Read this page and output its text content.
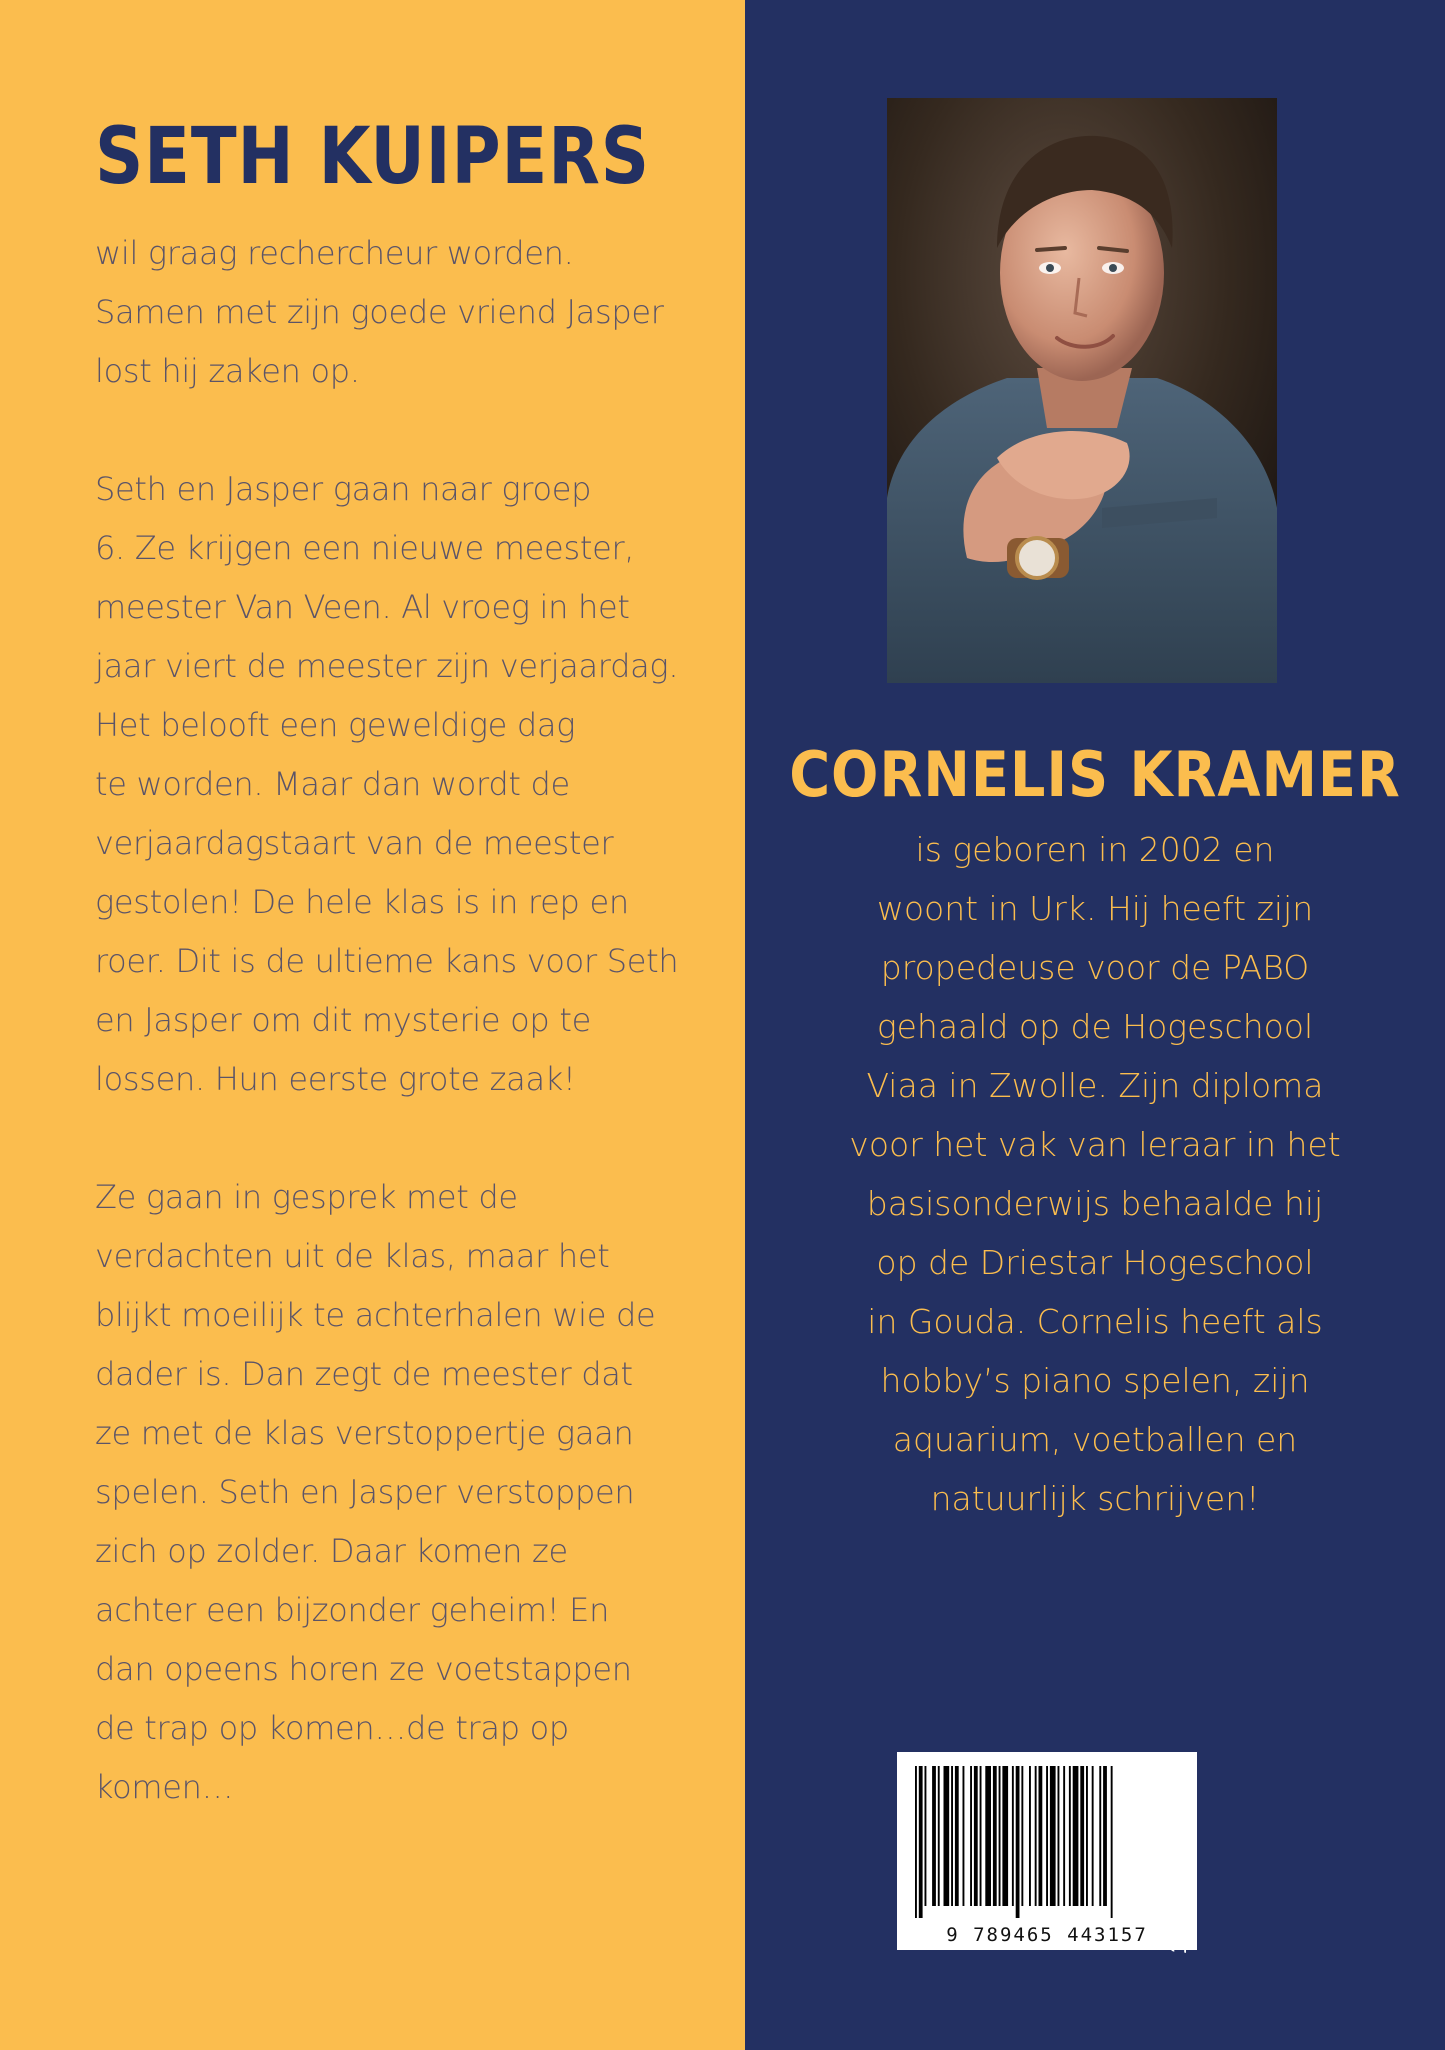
SETH KUIPERS

wil graag rechercheur worden.
Samen met zijn goede vriend Jasper
lost hij zaken op.

Seth en Jasper gaan naar groep
6. Ze krijgen een nieuwe meester,
meester Van Veen. Al vroeg in het
jaar viert de meester zijn verjaardag.
Het belooft een geweldige dag
te worden. Maar dan wordt de
verjaardagstaart van de meester
gestolen! De hele klas is in rep en
roer. Dit is de ultieme kans voor Seth
en Jasper om dit mysterie op te
lossen. Hun eerste grote zaak!

Ze gaan in gesprek met de
verdachten uit de klas, maar het
blijkt moeilijk te achterhalen wie de
dader is. Dan zegt de meester dat
ze met de klas verstoppertje gaan
spelen. Seth en Jasper verstoppen
zich op zolder. Daar komen ze
achter een bijzonder geheim! En
dan opeens horen ze voetstappen
de trap op komen…de trap op
komen…

CORNELIS KRAMER
is geboren in 2002 en
woont in Urk. Hij heeft zijn
propedeuse voor de PABO
gehaald op de Hogeschool
Viaa in Zwolle. Zijn diploma
voor het vak van leraar in het
basisonderwijs behaalde hij
op de Driestar Hogeschool
in Gouda. Cornelis heeft als
hobby’s piano spelen, zijn
aquarium, voetballen en
natuurlijk schrijven!
9 789465 443157 boek·scout
